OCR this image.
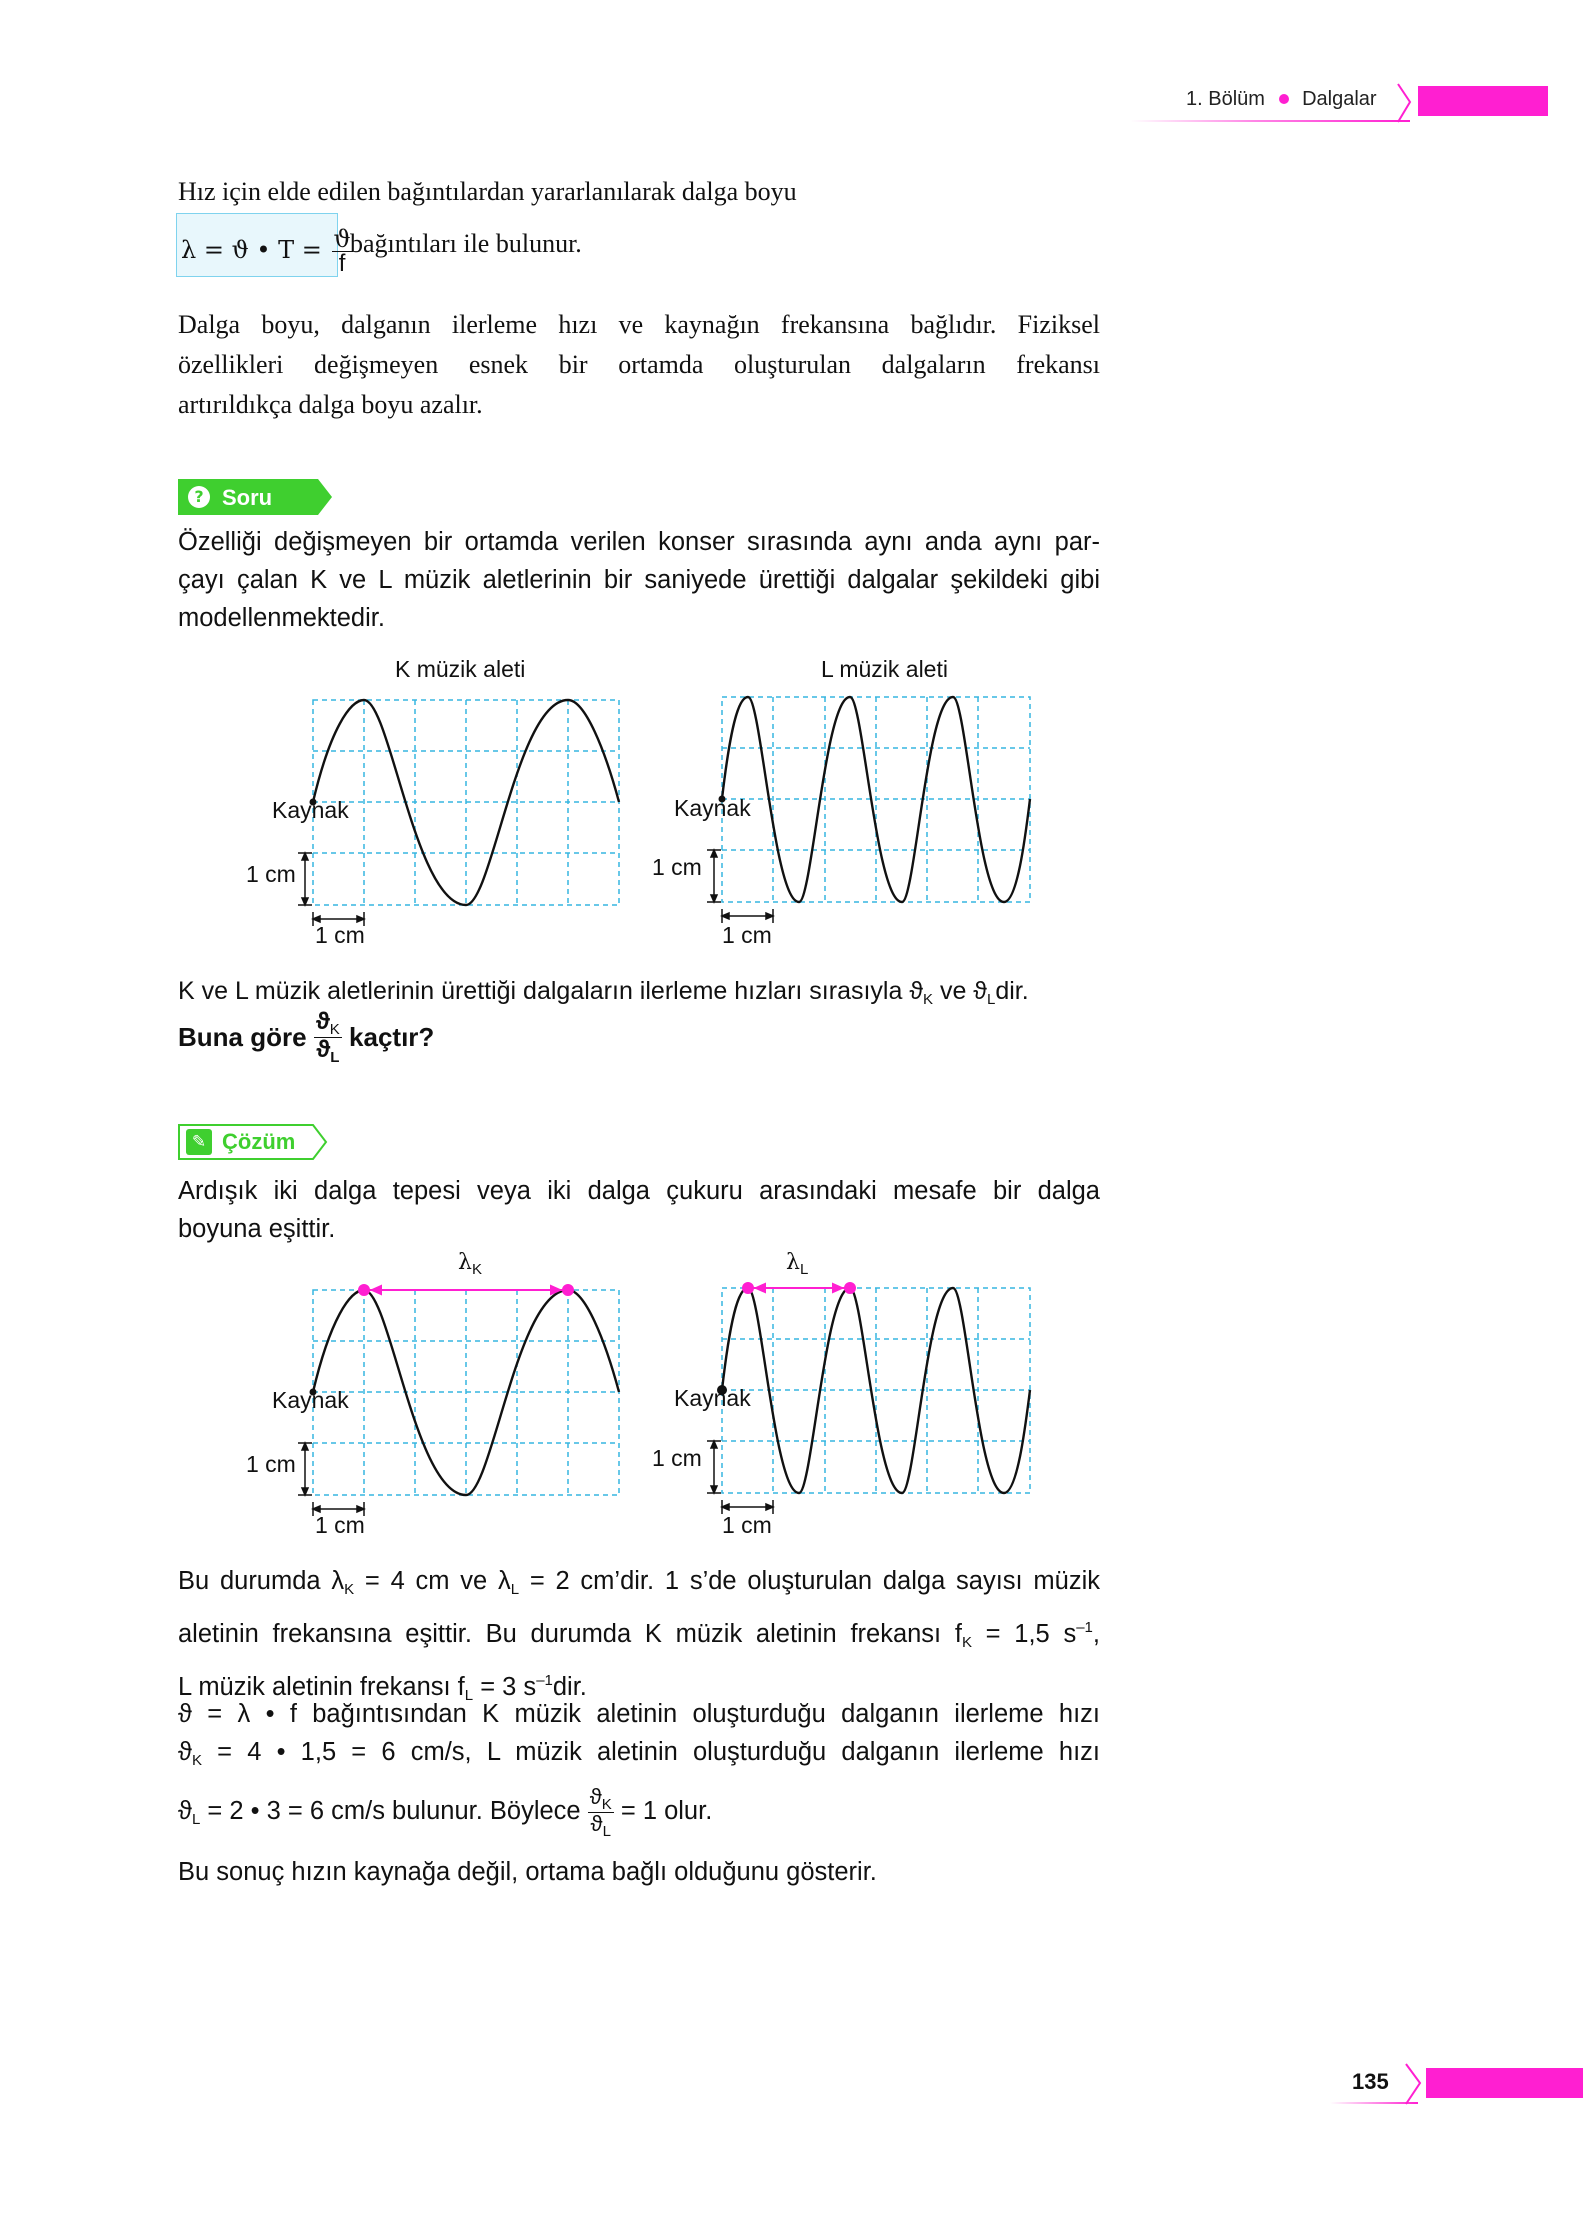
1. Bölüm Dalgalar
Hız için elde edilen bağıntılardan yararlanılarak dalga boyu
λ = ϑ • $T = \frac{ϑ}{f}$
bağıntıları ile bulunur.
Dalga boyu, dalganın ilerleme hızı ve kaynağın frekansına bağlıdır. Fiziksel
özellikleri değişmeyen esnek bir ortamda oluşturulan dalgaların frekansı
artırıldıkça dalga boyu azalır.
? Soru
Özelliği değişmeyen bir ortamda verilen konser sırasında aynı anda aynı par-
çayı çalan K ve L müzik aletlerinin bir saniyede ürettiği dalgalar şekildeki gibi
modellenmektedir.
K müzik aleti
Kaynak
1 cm
1 cm
L müzik aleti
Kaynak
1 cm
1 cm
K ve L müzik aletlerinin ürettiği dalgaların ilerleme hızları sırasıyla $ϑ_K$ ve $ϑ_Ldir$.
Buna göre $\frac{ϑ_K}{ϑ_L}$ kaçtır?
✎ Çözüm
Ardışık iki dalga tepesi veya iki dalga çukuru arasındaki mesafe bir dalga
boyuna eşittir.
$\lambda_K$
Kaynak
1 cm
1 cm
$\lambda_L$
Kaynak
1 cm
1 cm
Bu durumda $\lambda_K = 4$ cm ve $\lambda_L = 2$ cm’dir. 1 s’de oluşturulan dalga sayısı müzik
aletinin frekansına eşittir. Bu durumda K müzik aletinin frekansı $f_K = 1,5$ $s^{-1}$,
L müzik aletinin frekansı $f_L = 3$ $s^{-1}dir$.
ϑ = λ • f bağıntısından K müzik aletinin oluşturduğu dalganın ilerleme hızı
$ϑ_K = 4$ • 1,5 = 6 cm/s, L müzik aletinin oluşturduğu dalganın ilerleme hızı
$ϑ_L = 2$ • 3 = 6 cm/s bulunur. Böylece $\frac{ϑ_K}{ϑ_L} = 1$ olur.
Bu sonuç hızın kaynağa değil, ortama bağlı olduğunu gösterir.
135
